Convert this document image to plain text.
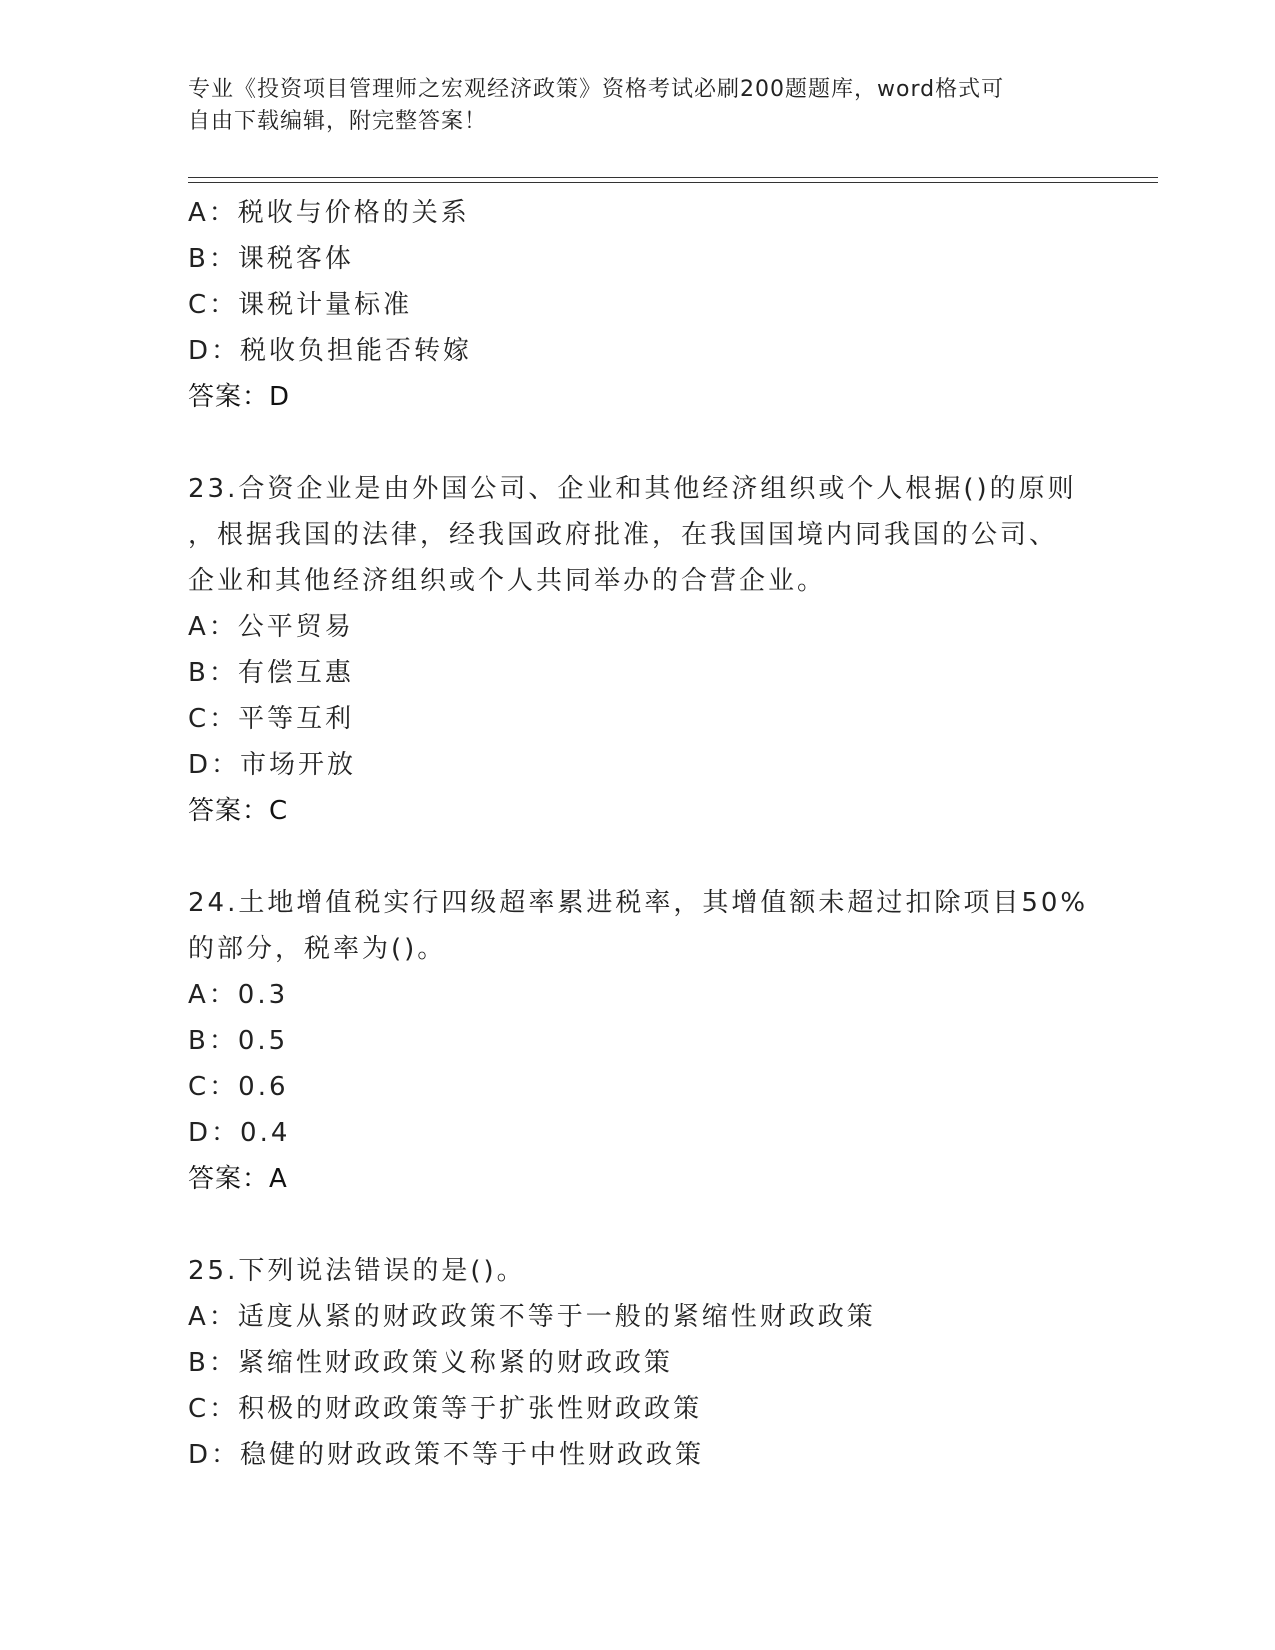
专业《投资项目管理师之宏观经济政策》资格考试必刷200题题库，word格式可
自由下载编辑，附完整答案！
A：税收与价格的关系
B：课税客体
C：课税计量标准
D：税收负担能否转嫁
答案：D
23.合资企业是由外国公司、企业和其他经济组织或个人根据()的原则
，根据我国的法律，经我国政府批准，在我国国境内同我国的公司、
企业和其他经济组织或个人共同举办的合营企业。
A：公平贸易
B：有偿互惠
C：平等互利
D：市场开放
答案：C
24.土地增值税实行四级超率累进税率，其增值额未超过扣除项目50%
的部分，税率为()。
A：0.3
B：0.5
C：0.6
D：0.4
答案：A
25.下列说法错误的是()。
A：适度从紧的财政政策不等于一般的紧缩性财政政策
B：紧缩性财政政策义称紧的财政政策
C：积极的财政政策等于扩张性财政政策
D：稳健的财政政策不等于中性财政政策
